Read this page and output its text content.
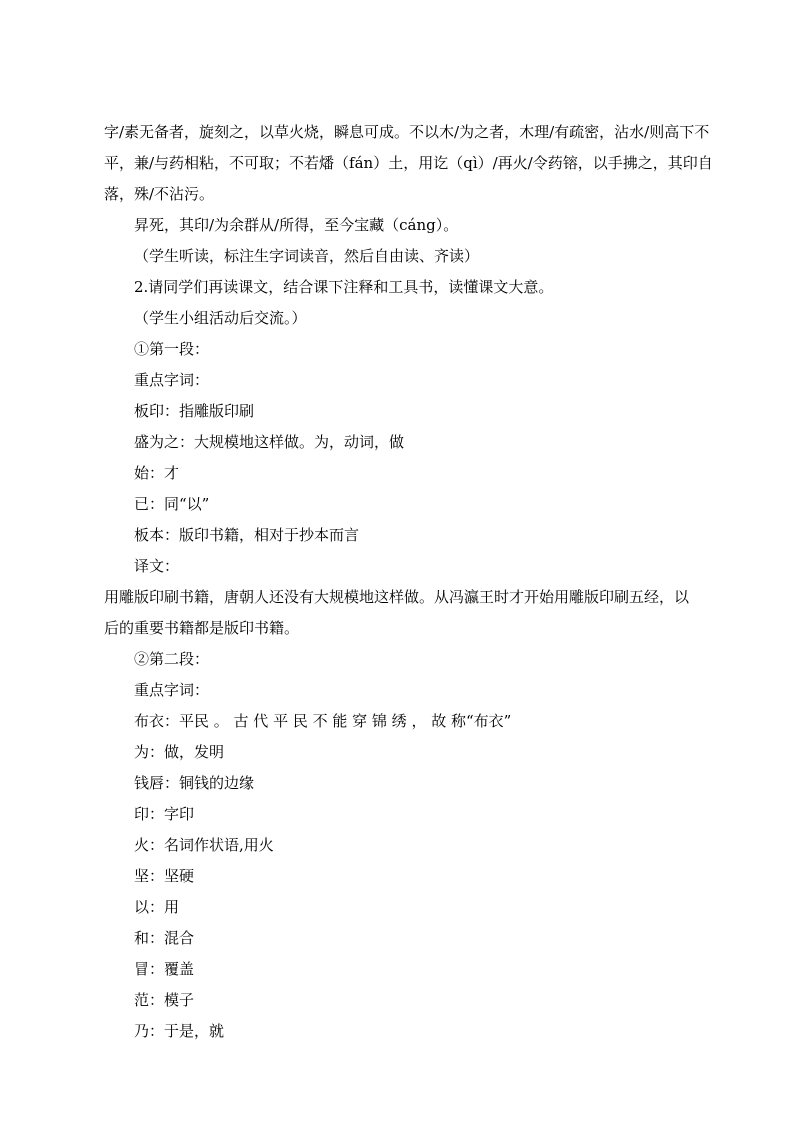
字/素无备者，旋刻之，以草火烧，瞬息可成。不以木/为之者，木理/有疏密，沾水/则高下不
平，兼/与药相粘，不可取；不若燔（fán）土，用讫（qì）/再火/令药镕，以手拂之，其印自
落，殊/不沾污。
昇死，其印/为余群从/所得，至今宝藏（cáng）。
（学生听读，标注生字词读音，然后自由读、齐读）
2.请同学们再读课文，结合课下注释和工具书，读懂课文大意。
（学生小组活动后交流。）
①第一段：
重点字词：
板印：指雕版印刷
盛为之：大规模地这样做。为，动词，做
始：才
已：同“以”
板本：版印书籍，相对于抄本而言
译文：
用雕版印刷书籍，唐朝人还没有大规模地这样做。从冯瀛王时才开始用雕版印刷五经，以
后的重要书籍都是版印书籍。
②第二段：
重点字词：
布衣：平民 。 古 代 平 民 不 能 穿 锦 绣 ， 故 称“布衣”
为：做，发明
钱唇：铜钱的边缘
印：字印
火：名词作状语,用火
坚：坚硬
以：用
和：混合
冒：覆盖
范：模子
乃：于是，就
